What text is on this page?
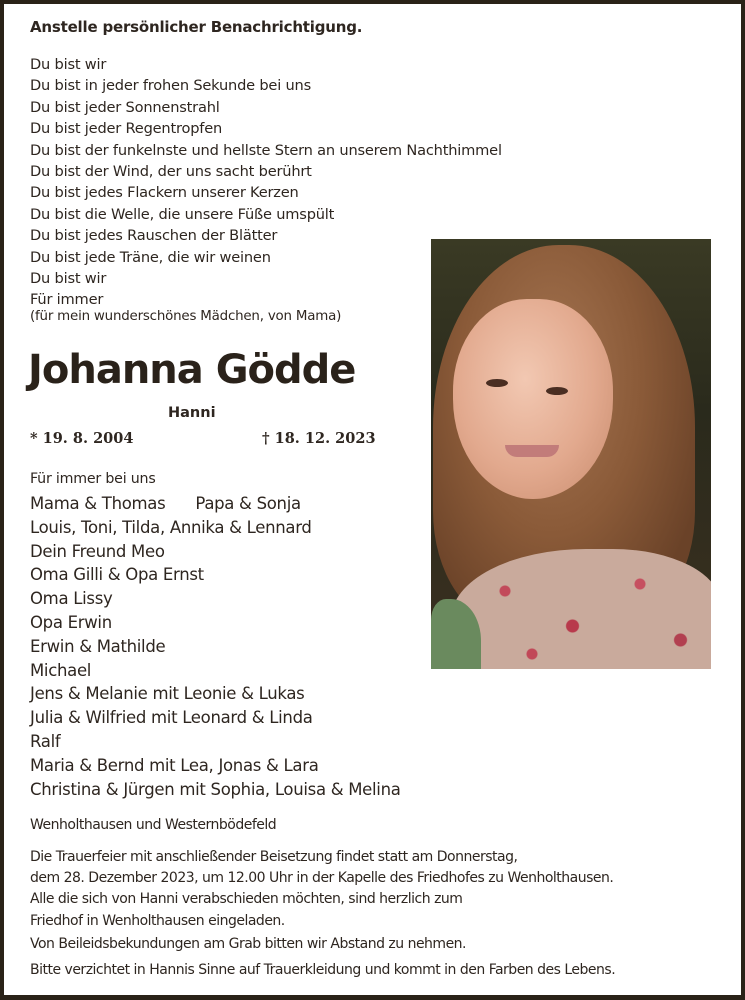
Anstelle persönlicher Benachrichtigung.
Du bist wir
Du bist in jeder frohen Sekunde bei uns
Du bist jeder Sonnenstrahl
Du bist jeder Regentropfen
Du bist der funkelnste und hellste Stern an unserem Nachthimmel
Du bist der Wind, der uns sacht berührt
Du bist jedes Flackern unserer Kerzen
Du bist die Welle, die unsere Füße umspült
Du bist jedes Rauschen der Blätter
Du bist jede Träne, die wir weinen
Du bist wir
Für immer
(für mein wunderschönes Mädchen, von Mama)
Johanna Gödde
Hanni
* 19. 8. 2004	† 18. 12. 2023
Für immer bei uns
Mama & Thomas Papa & Sonja
Louis, Toni, Tilda, Annika & Lennard
Dein Freund Meo
Oma Gilli & Opa Ernst
Oma Lissy
Opa Erwin
Erwin & Mathilde
Michael
Jens & Melanie mit Leonie & Lukas
Julia & Wilfried mit Leonard & Linda
Ralf
Maria & Bernd mit Lea, Jonas & Lara
Christina & Jürgen mit Sophia, Louisa & Melina
Wenholthausen und Westernbödefeld
Die Trauerfeier mit anschließender Beisetzung findet statt am Donnerstag,
dem 28. Dezember 2023, um 12.00 Uhr in der Kapelle des Friedhofes zu Wenholthausen.
Alle die sich von Hanni verabschieden möchten, sind herzlich zum
Friedhof in Wenholthausen eingeladen.
Von Beileidsbekundungen am Grab bitten wir Abstand zu nehmen.
Bitte verzichtet in Hannis Sinne auf Trauerkleidung und kommt in den Farben des Lebens.
